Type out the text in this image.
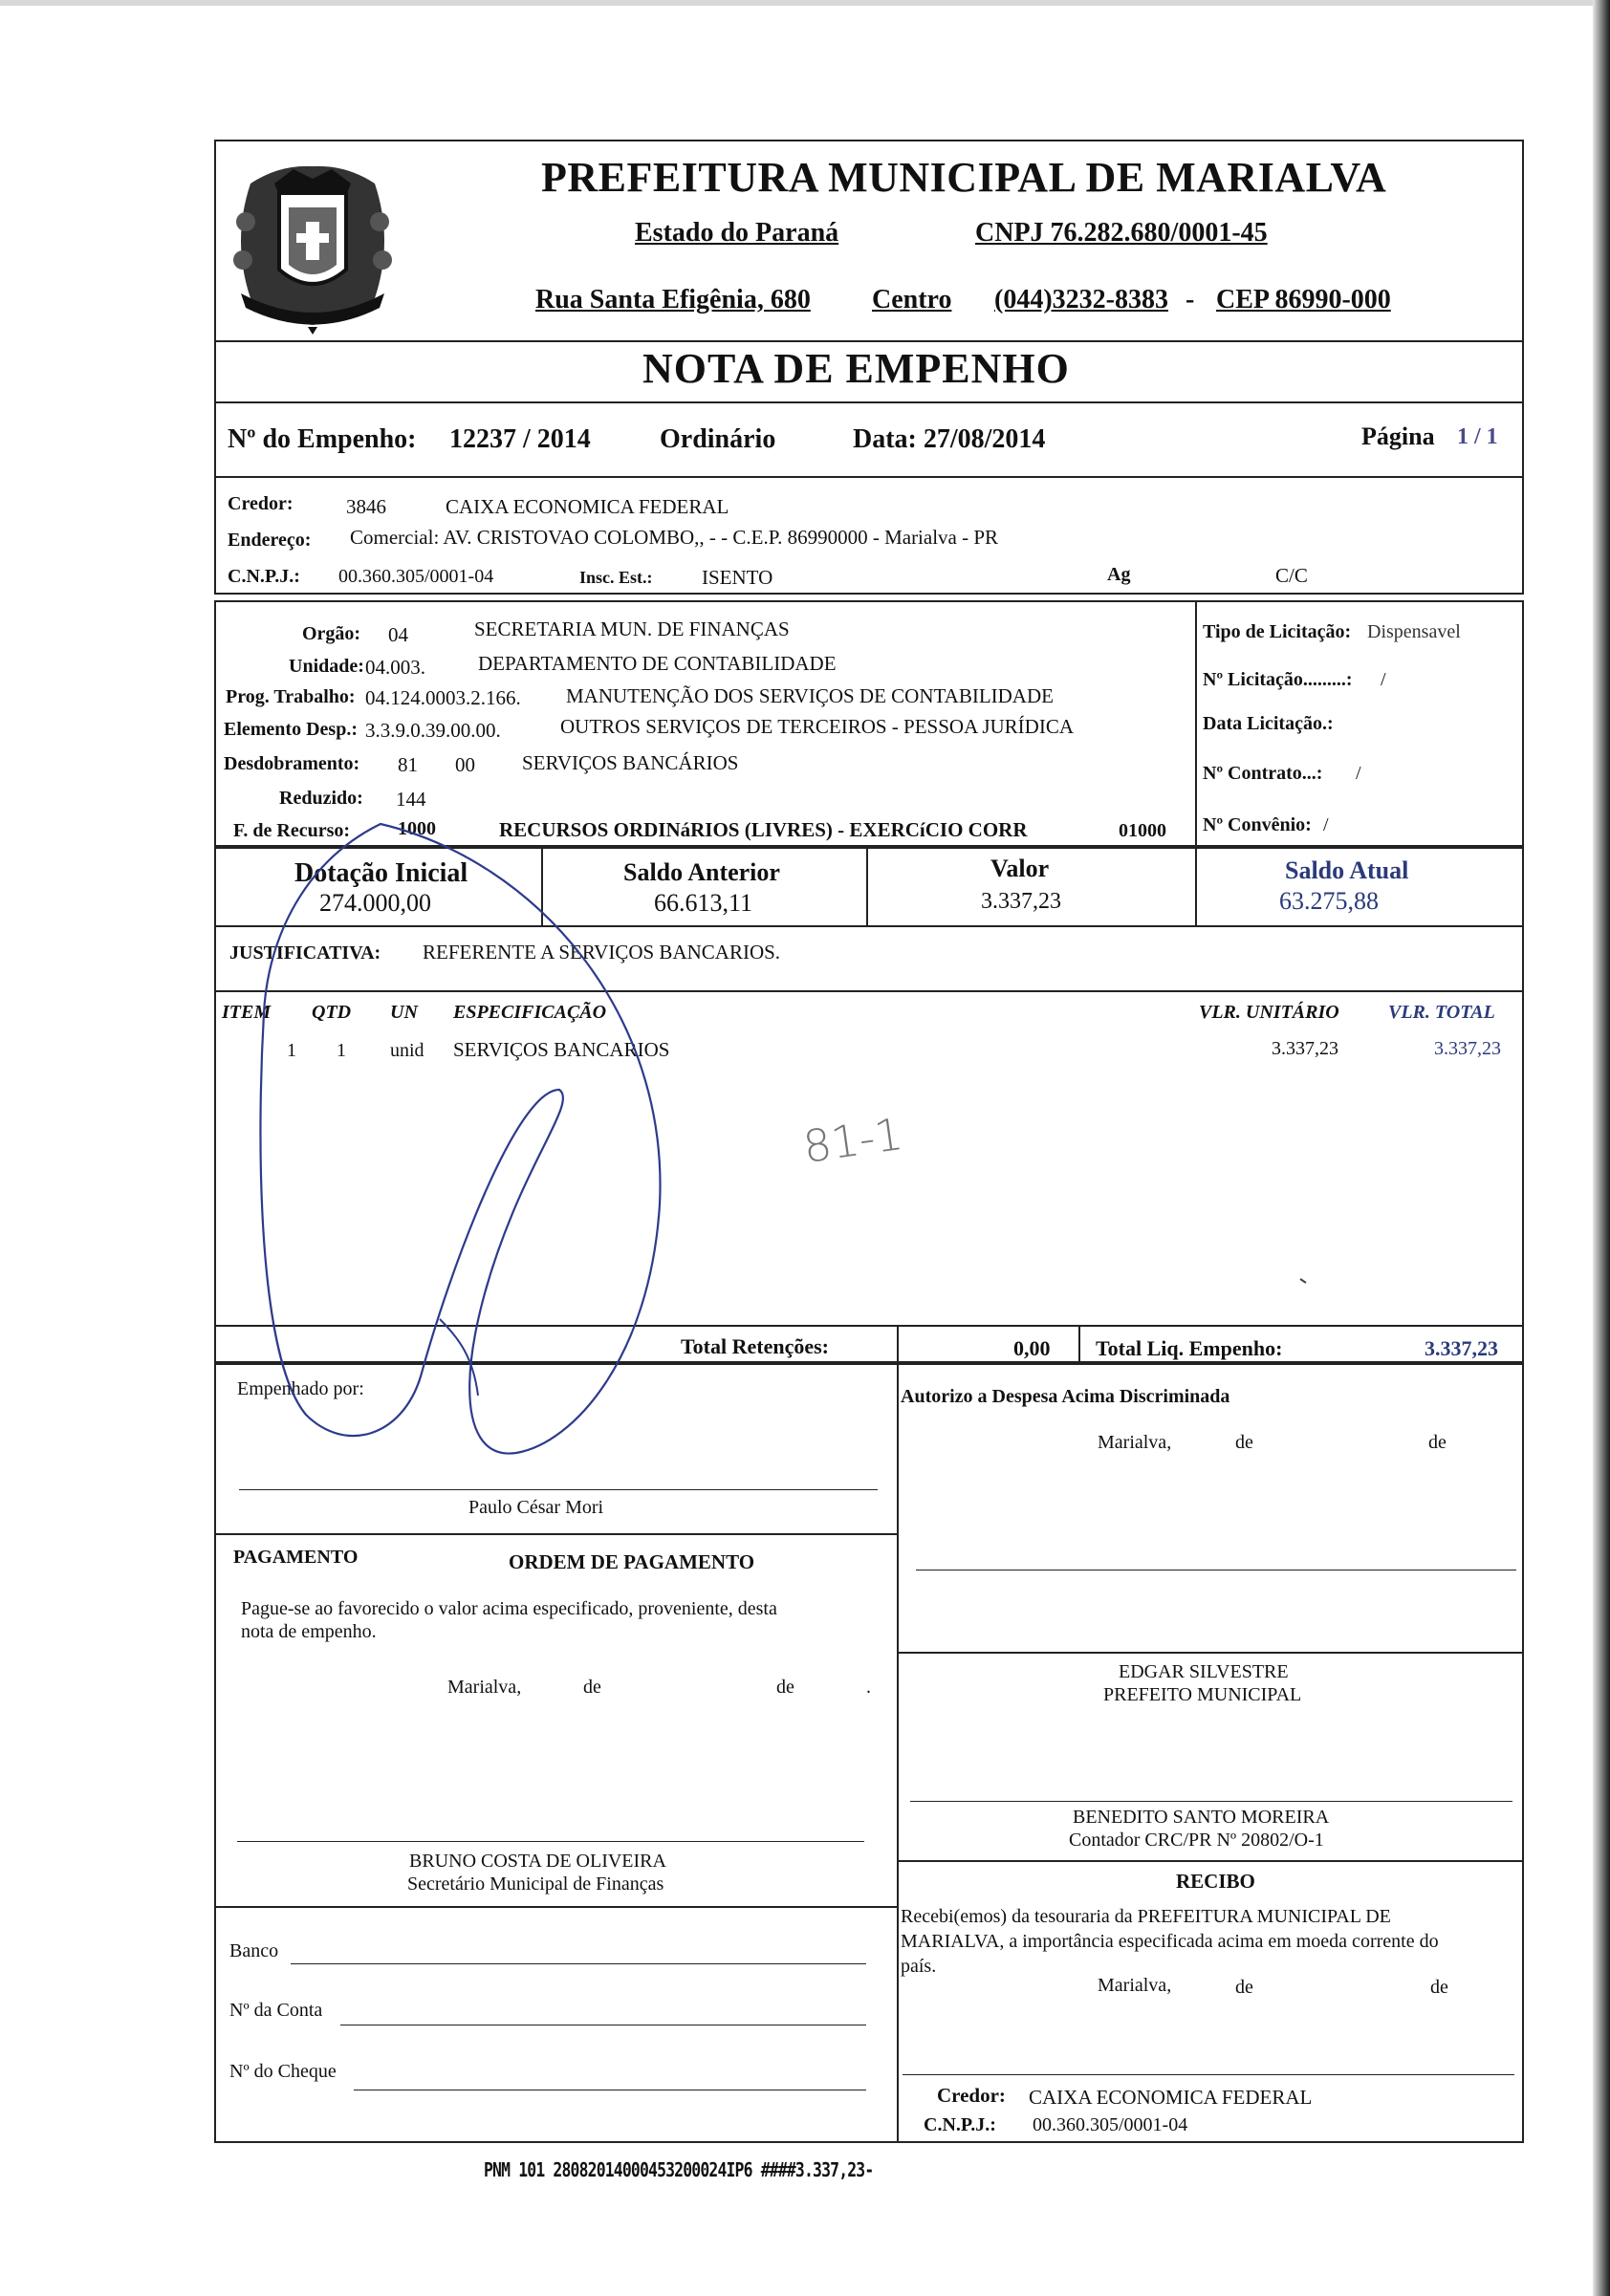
PREFEITURA MUNICIPAL DE MARIALVA
Estado do Paraná	CNPJ 76.282.680/0001-45
Rua Santa Efigênia, 680 Centro (044)3232-8383 - CEP 86990-000
NOTA DE EMPENHO
Nº do Empenho: 12237 / 2014	Ordinário	Data: 27/08/2014	Página 1 / 1
Credor:	3846	CAIXA ECONOMICA FEDERAL
Endereço: Comercial: AV. CRISTOVAO COLOMBO,, - - C.E.P. 86990000 - Marialva - PR
C.N.P.J.: 00.360.305/0001-04	Insc. Est.: ISENTO	Ag	C/C
Orgão: 04	SECRETARIA MUN. DE FINANÇAS
Unidade: 04.003.	DEPARTAMENTO DE CONTABILIDADE
Prog. Trabalho: 04.124.0003.2.166. MANUTENÇÃO DOS SERVIÇOS DE CONTABILIDADE
Elemento Desp.: 3.3.9.0.39.00.00.	OUTROS SERVIÇOS DE TERCEIROS - PESSOA JURÍDICA
Desdobramento: 81 00 SERVIÇOS BANCÁRIOS
Reduzido: 144
F. de Recurso: 1000	RECURSOS ORDINáRIOS (LIVRES) - EXERCíCIO CORR	01000
Tipo de Licitação: Dispensavel
Nº Licitação.........: /
Data Licitação.:
Nº Contrato...: /
Nº Convênio: /
Dotação Inicial
274.000,00
Saldo Anterior
66.613,11
Valor
3.337,23
Saldo Atual
63.275,88
JUSTIFICATIVA: REFERENTE A SERVIÇOS BANCARIOS.
ITEM QTD UN ESPECIFICAÇÃO	VLR. UNITÁRIO	VLR. TOTAL
1 1 unid SERVIÇOS BANCARIOS	3.337,23	3.337,23
Total Retenções:	0,00 Total Liq. Empenho:	3.337,23
Empenhado por:
Paulo César Mori
Autorizo a Despesa Acima Discriminada
Marialva,	de	de
EDGAR SILVESTRE
PREFEITO MUNICIPAL
BENEDITO SANTO MOREIRA
Contador CRC/PR Nº 20802/O-1
PAGAMENTO	ORDEM DE PAGAMENTO
Pague-se ao favorecido o valor acima especificado, proveniente, desta
nota de empenho.
Marialva,	de	de	.
BRUNO COSTA DE OLIVEIRA
Secretário Municipal de Finanças
Banco
Nº da Conta
Nº do Cheque
RECIBO
Recebi(emos) da tesouraria da PREFEITURA MUNICIPAL DE
MARIALVA, a importância especificada acima em moeda corrente do
país.
Marialva,	de	de
Credor: CAIXA ECONOMICA FEDERAL
C.N.P.J.: 00.360.305/0001-04
PNM 101 28082014000453200024IP6 ####3.337,23-
81-1
